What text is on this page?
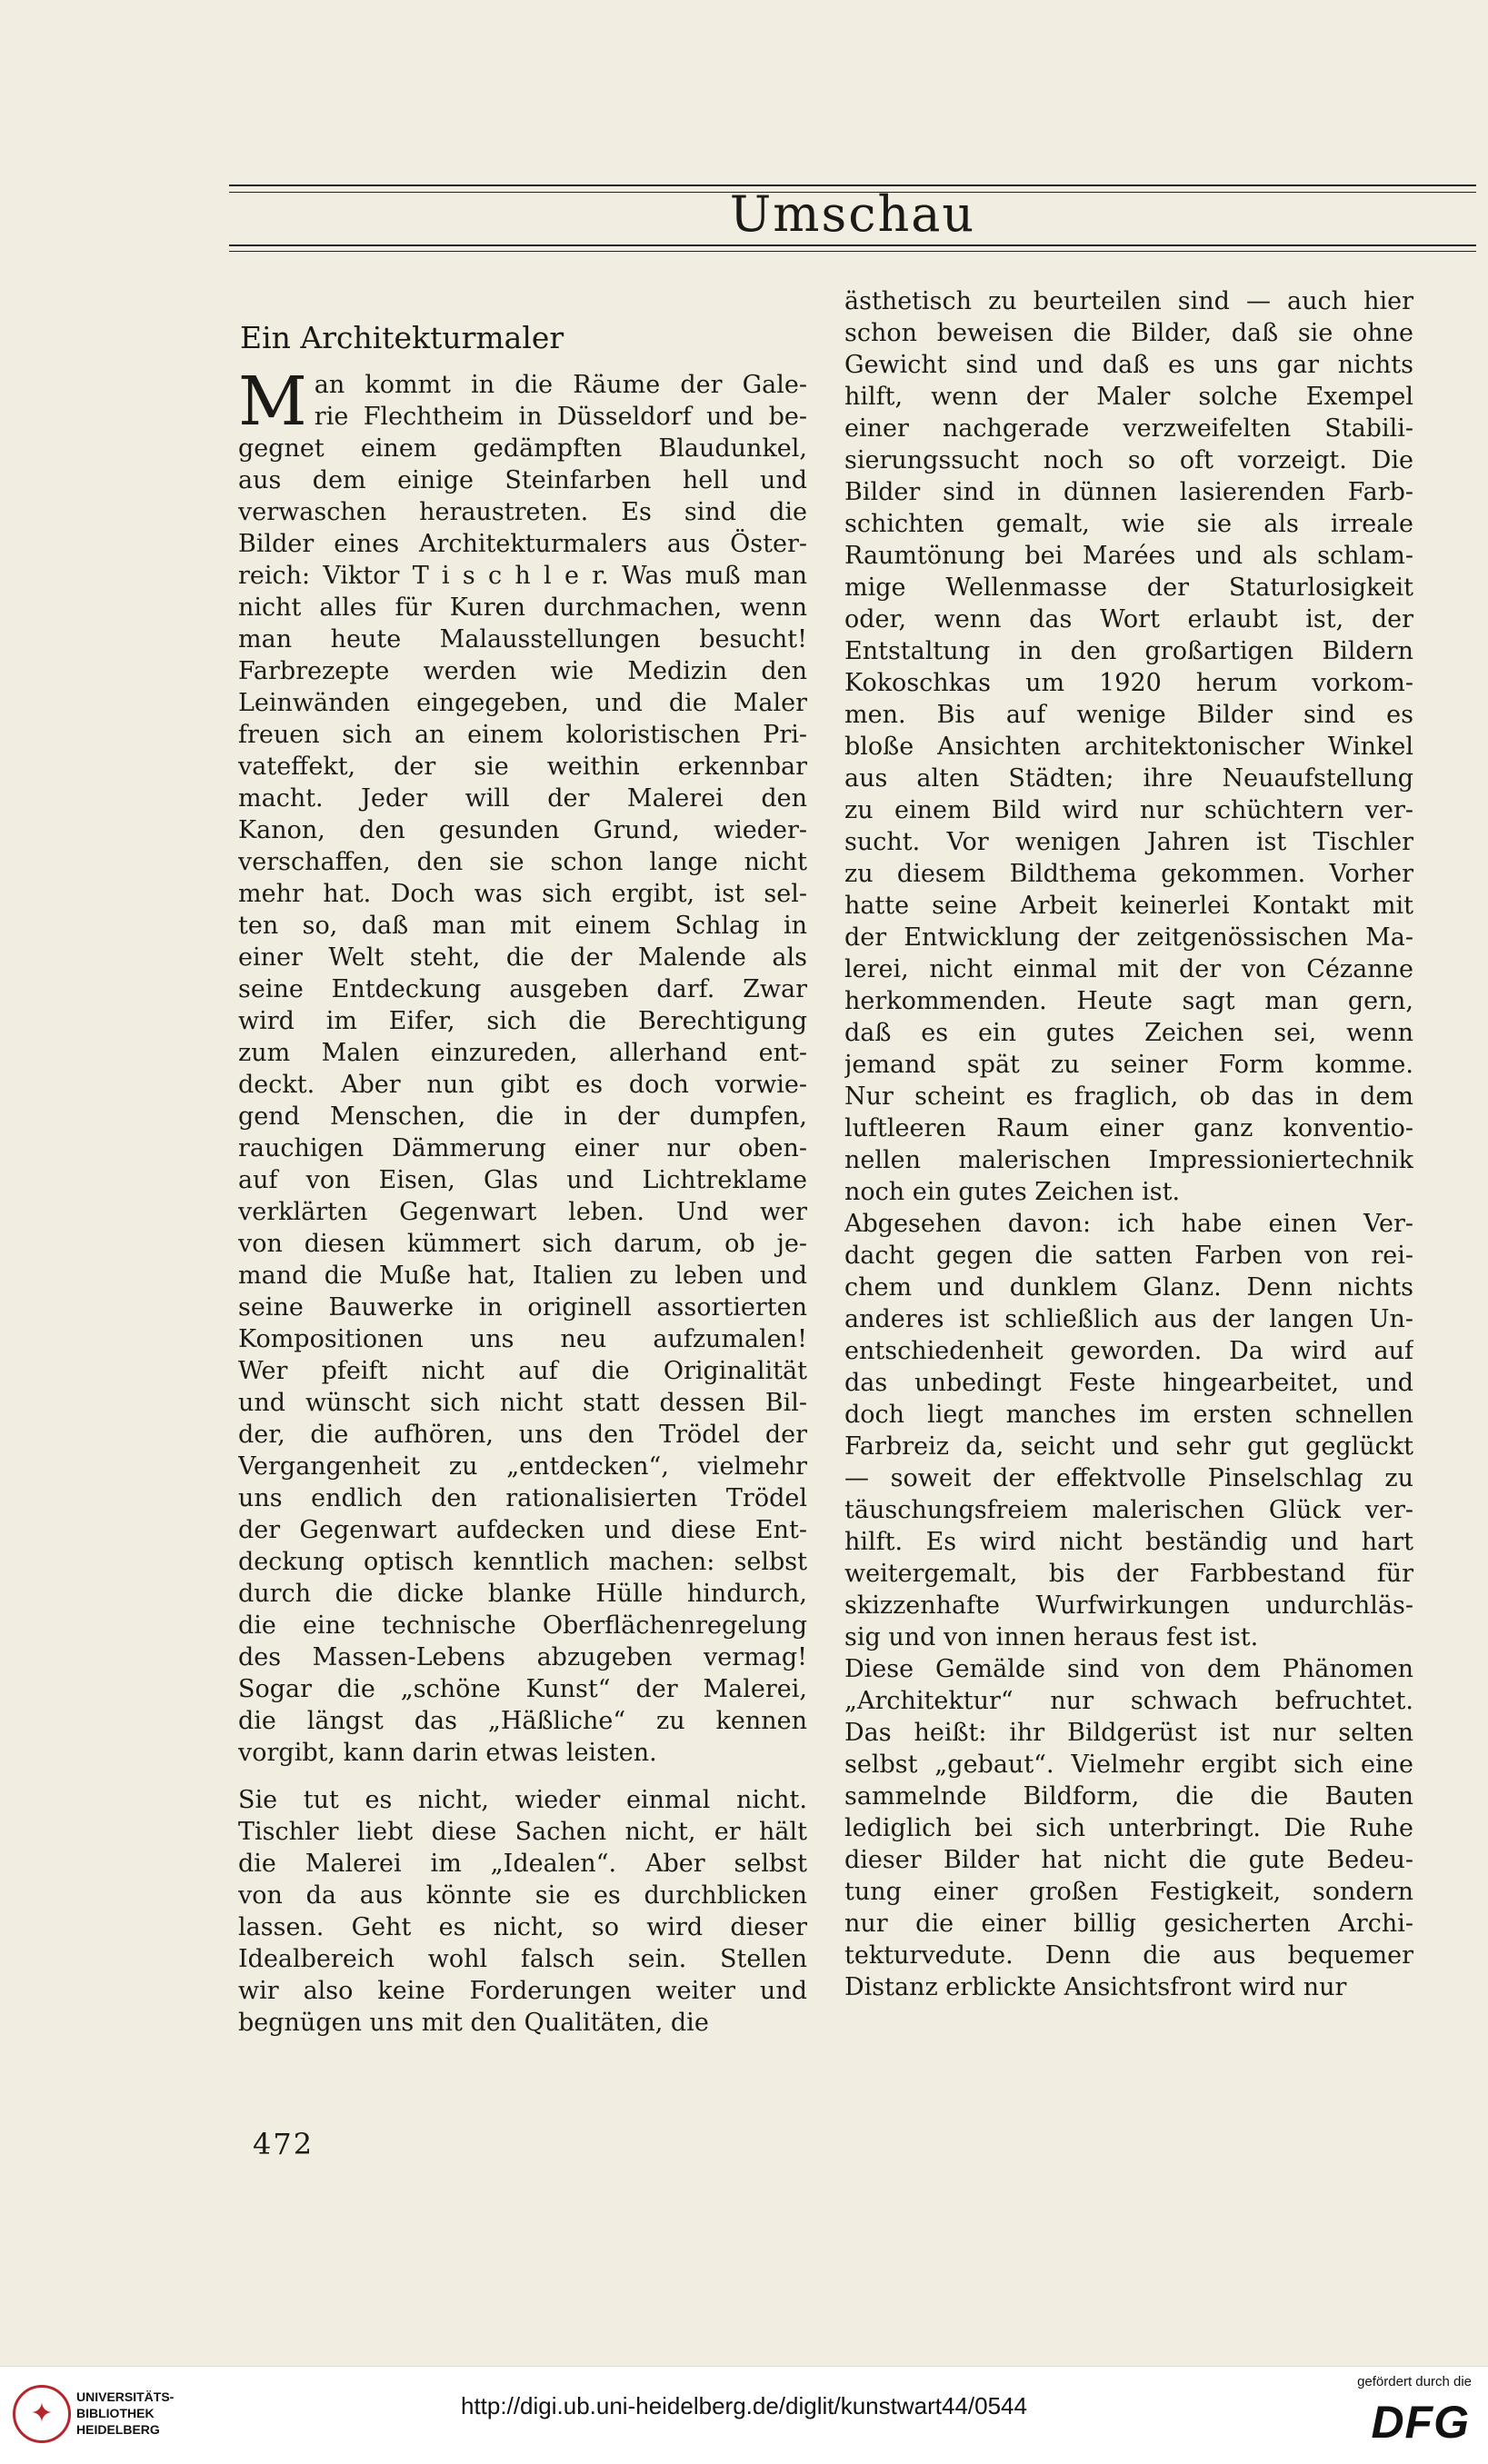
Umschau
Ein Architekturmaler
M an kommt in die Räume der Gale-

rie Flechtheim in Düsseldorf und be-

gegnet einem gedämpften Blaudunkel,

aus dem einige Steinfarben hell und

verwaschen heraustreten. Es sind die

Bilder eines Architekturmalers aus Öster-

reich: Viktor T i s c h l e r. Was muß man

nicht alles für Kuren durchmachen, wenn

man heute Malausstellungen besucht!

Farbrezepte werden wie Medizin den

Leinwänden eingegeben, und die Maler

freuen sich an einem koloristischen Pri-

vateffekt, der sie weithin erkennbar

macht. Jeder will der Malerei den

Kanon, den gesunden Grund, wieder-

verschaffen, den sie schon lange nicht

mehr hat. Doch was sich ergibt, ist sel-

ten so, daß man mit einem Schlag in

einer Welt steht, die der Malende als

seine Entdeckung ausgeben darf. Zwar

wird im Eifer, sich die Berechtigung

zum Malen einzureden, allerhand ent-

deckt. Aber nun gibt es doch vorwie-

gend Menschen, die in der dumpfen,

rauchigen Dämmerung einer nur oben-

auf von Eisen, Glas und Lichtreklame

verklärten Gegenwart leben. Und wer

von diesen kümmert sich darum, ob je-

mand die Muße hat, Italien zu leben und

seine Bauwerke in originell assortierten

Kompositionen uns neu aufzumalen!

Wer pfeift nicht auf die Originalität

und wünscht sich nicht statt dessen Bil-

der, die aufhören, uns den Trödel der

Vergangenheit zu „entdecken“, vielmehr

uns endlich den rationalisierten Trödel

der Gegenwart aufdecken und diese Ent-

deckung optisch kenntlich machen: selbst

durch die dicke blanke Hülle hindurch,

die eine technische Oberflächenregelung

des Massen-Lebens abzugeben vermag!

Sogar die „schöne Kunst“ der Malerei,

die längst das „Häßliche“ zu kennen

vorgibt, kann darin etwas leisten.

Sie tut es nicht, wieder einmal nicht.

Tischler liebt diese Sachen nicht, er hält

die Malerei im „Idealen“. Aber selbst

von da aus könnte sie es durchblicken

lassen. Geht es nicht, so wird dieser

Idealbereich wohl falsch sein. Stellen

wir also keine Forderungen weiter und

begnügen uns mit den Qualitäten, die

ästhetisch zu beurteilen sind — auch hier

schon beweisen die Bilder, daß sie ohne

Gewicht sind und daß es uns gar nichts

hilft, wenn der Maler solche Exempel

einer nachgerade verzweifelten Stabili-

sierungssucht noch so oft vorzeigt. Die

Bilder sind in dünnen lasierenden Farb-

schichten gemalt, wie sie als irreale

Raumtönung bei Marées und als schlam-

mige Wellenmasse der Staturlosigkeit

oder, wenn das Wort erlaubt ist, der

Entstaltung in den großartigen Bildern

Kokoschkas um 1920 herum vorkom-

men. Bis auf wenige Bilder sind es

bloße Ansichten architektonischer Winkel

aus alten Städten; ihre Neuaufstellung

zu einem Bild wird nur schüchtern ver-

sucht. Vor wenigen Jahren ist Tischler

zu diesem Bildthema gekommen. Vorher

hatte seine Arbeit keinerlei Kontakt mit

der Entwicklung der zeitgenössischen Ma-

lerei, nicht einmal mit der von Cézanne

herkommenden. Heute sagt man gern,

daß es ein gutes Zeichen sei, wenn

jemand spät zu seiner Form komme.

Nur scheint es fraglich, ob das in dem

luftleeren Raum einer ganz konventio-

nellen malerischen Impressioniertechnik

noch ein gutes Zeichen ist.

Abgesehen davon: ich habe einen Ver-

dacht gegen die satten Farben von rei-

chem und dunklem Glanz. Denn nichts

anderes ist schließlich aus der langen Un-

entschiedenheit geworden. Da wird auf

das unbedingt Feste hingearbeitet, und

doch liegt manches im ersten schnellen

Farbreiz da, seicht und sehr gut geglückt

— soweit der effektvolle Pinselschlag zu

täuschungsfreiem malerischen Glück ver-

hilft. Es wird nicht beständig und hart

weitergemalt, bis der Farbbestand für

skizzenhafte Wurfwirkungen undurchläs-

sig und von innen heraus fest ist.

Diese Gemälde sind von dem Phänomen

„Architektur“ nur schwach befruchtet.

Das heißt: ihr Bildgerüst ist nur selten

selbst „gebaut“. Vielmehr ergibt sich eine

sammelnde Bildform, die die Bauten

lediglich bei sich unterbringt. Die Ruhe

dieser Bilder hat nicht die gute Bedeu-

tung einer großen Festigkeit, sondern

nur die einer billig gesicherten Archi-

tekturvedute. Denn die aus bequemer

Distanz erblickte Ansichtsfront wird nur

472
✦
UNIVERSITÄTS-
BIBLIOTHEK
HEIDELBERG
http://digi.ub.uni-heidelberg.de/diglit/kunstwart44/0544
gefördert durch die
DFG
